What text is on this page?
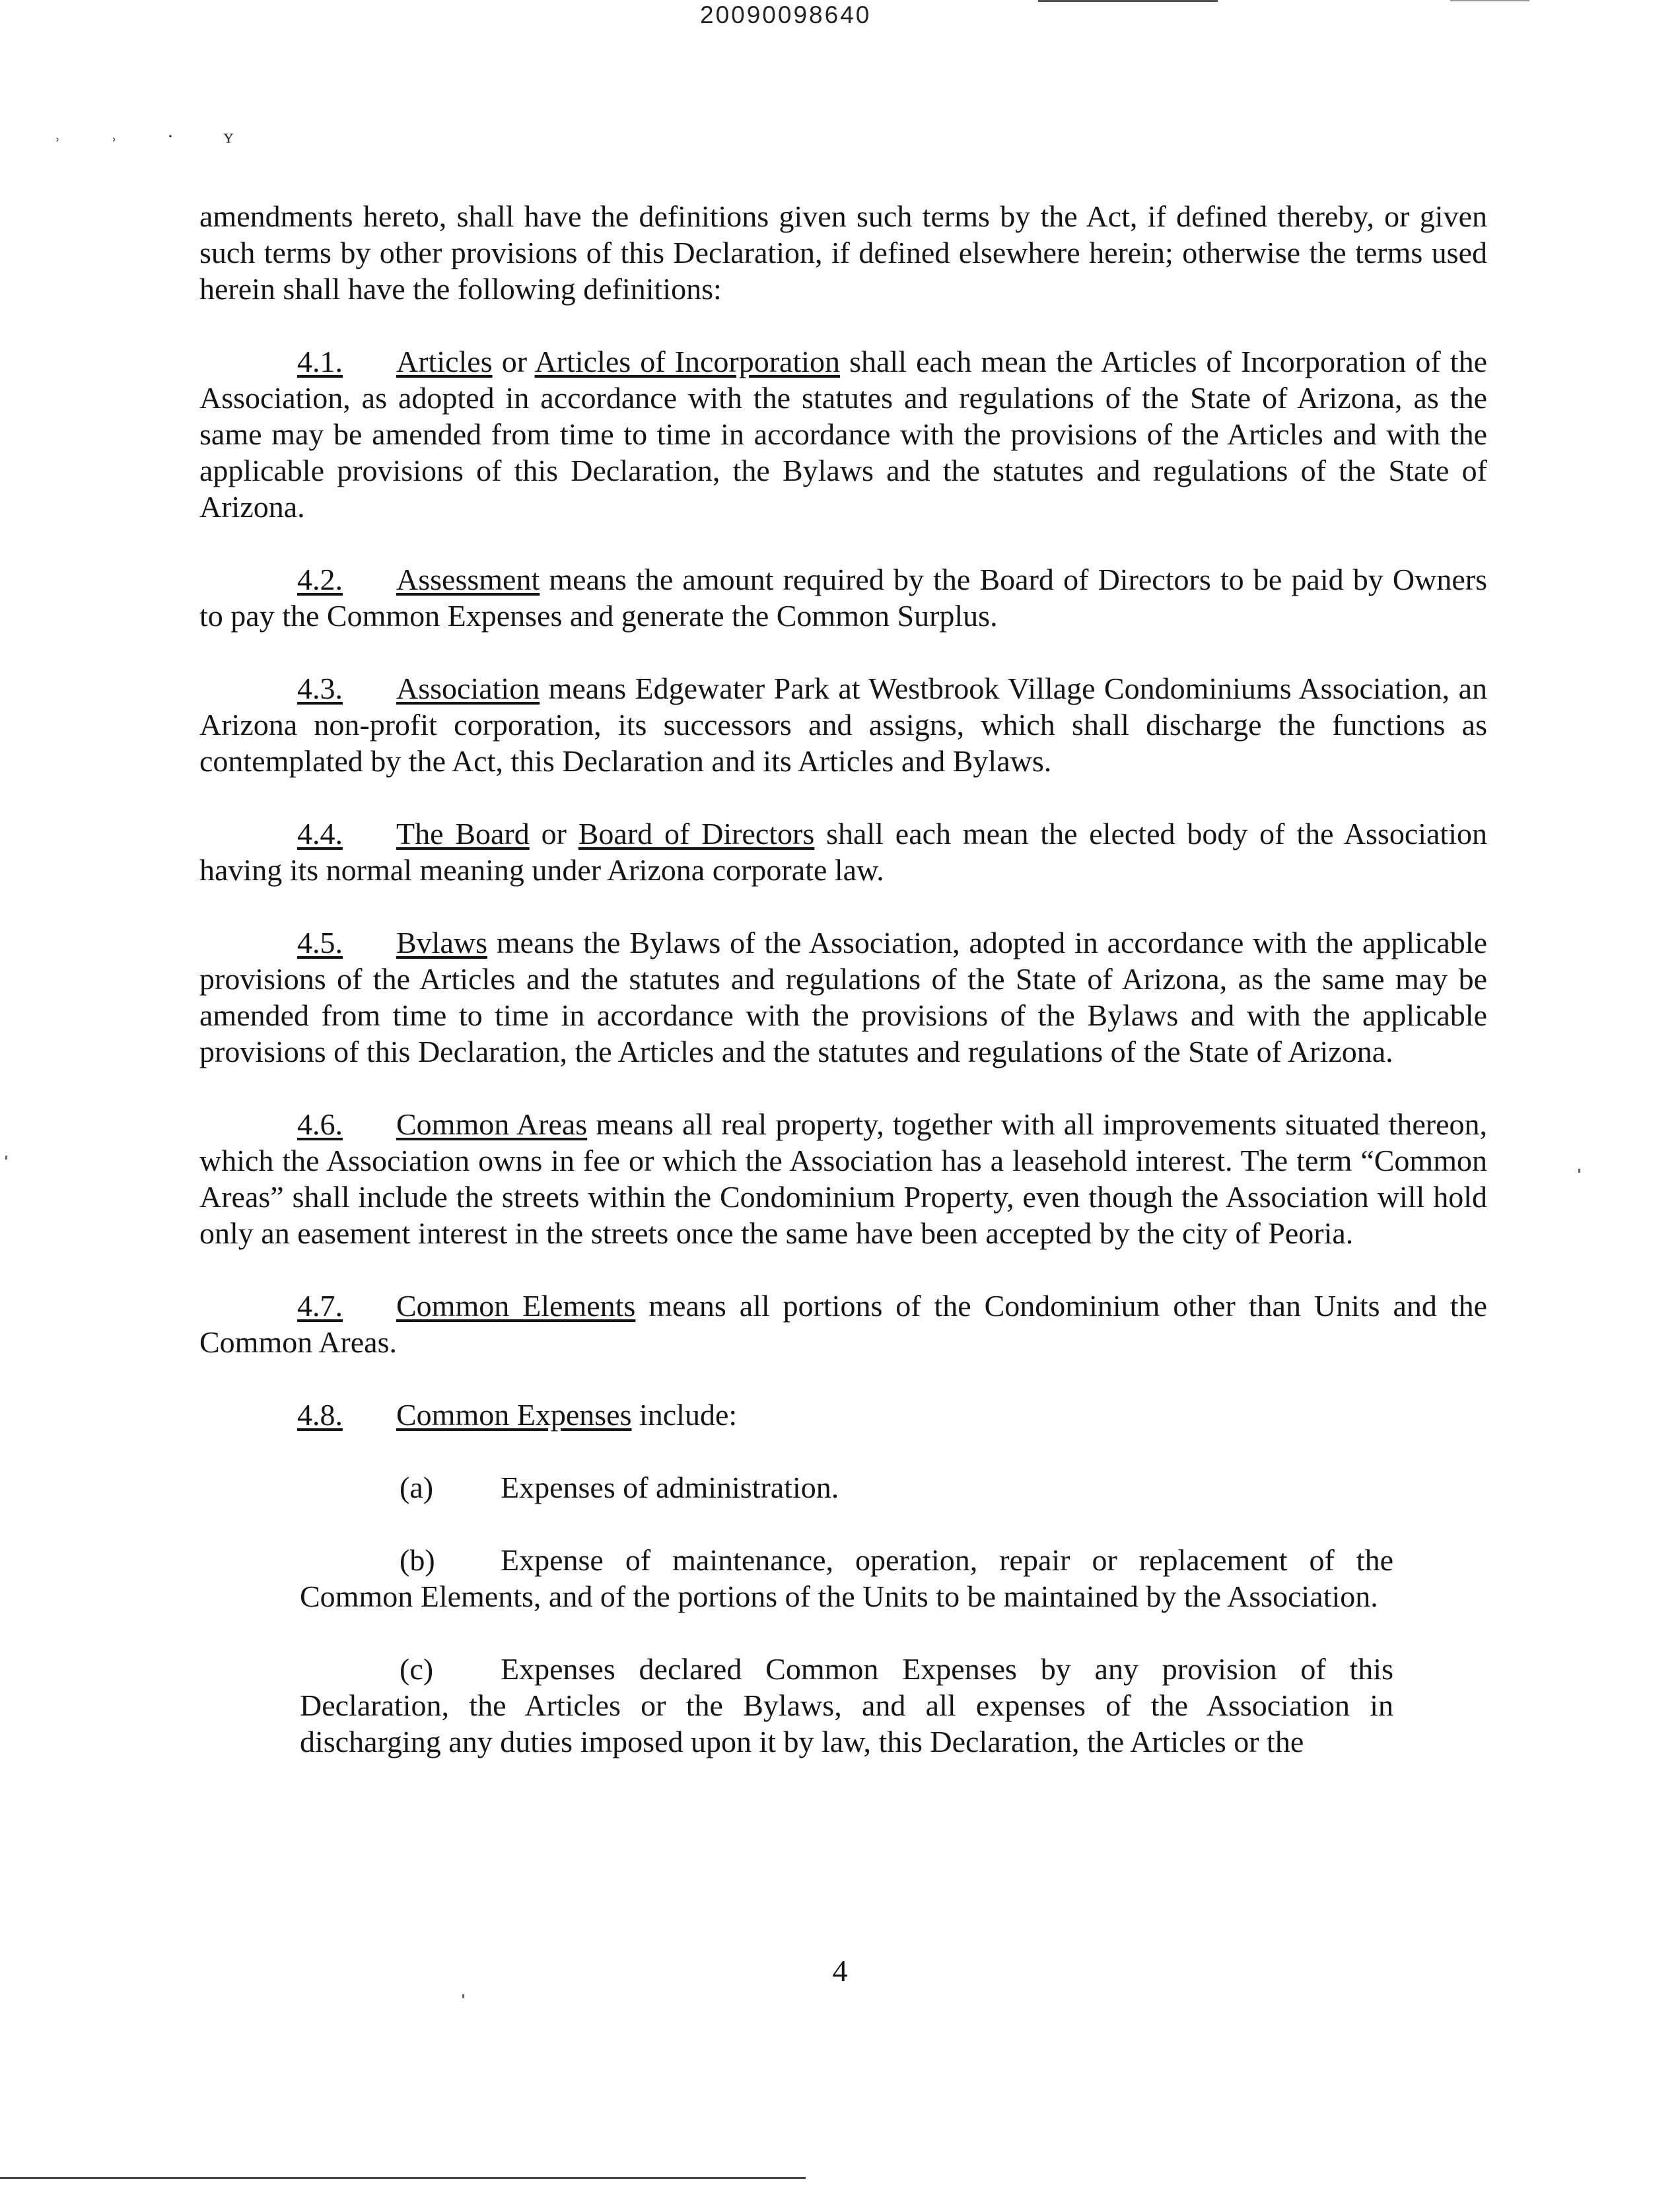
20090098640
˒ ˒ · ʏ

amendments hereto, shall have the definitions given such terms by the Act, if defined thereby, or given such terms by other provisions of this Declaration, if defined elsewhere herein; otherwise the terms used herein shall have the following definitions:

4.1. Articles or Articles of Incorporation shall each mean the Articles of Incorporation of the Association, as adopted in accordance with the statutes and regulations of the State of Arizona, as the same may be amended from time to time in accordance with the provisions of the Articles and with the applicable provisions of this Declaration, the Bylaws and the statutes and regulations of the State of Arizona.

4.2. Assessment means the amount required by the Board of Directors to be paid by Owners to pay the Common Expenses and generate the Common Surplus.

4.3. Association means Edgewater Park at Westbrook Village Condominiums Association, an Arizona non-profit corporation, its successors and assigns, which shall discharge the functions as contemplated by the Act, this Declaration and its Articles and Bylaws.

4.4. The Board or Board of Directors shall each mean the elected body of the Association having its normal meaning under Arizona corporate law.

4.5. Bvlaws means the Bylaws of the Association, adopted in accordance with the applicable provisions of the Articles and the statutes and regulations of the State of Arizona, as the same may be amended from time to time in accordance with the provisions of the Bylaws and with the applicable provisions of this Declaration, the Articles and the statutes and regulations of the State of Arizona.

4.6. Common Areas means all real property, together with all improvements situated thereon, which the Association owns in fee or which the Association has a leasehold interest. The term “Common Areas” shall include the streets within the Condominium Property, even though the Association will hold only an easement interest in the streets once the same have been accepted by the city of Peoria.

4.7. Common Elements means all portions of the Condominium other than Units and the Common Areas.

4.8. Common Expenses include:

(a) Expenses of administration.

(b) Expense of maintenance, operation, repair or replacement of the Common Elements, and of the portions of the Units to be maintained by the Association.

(c) Expenses declared Common Expenses by any provision of this Declaration, the Articles or the Bylaws, and all expenses of the Association in discharging any duties imposed upon it by law, this Declaration, the Articles or the

4
